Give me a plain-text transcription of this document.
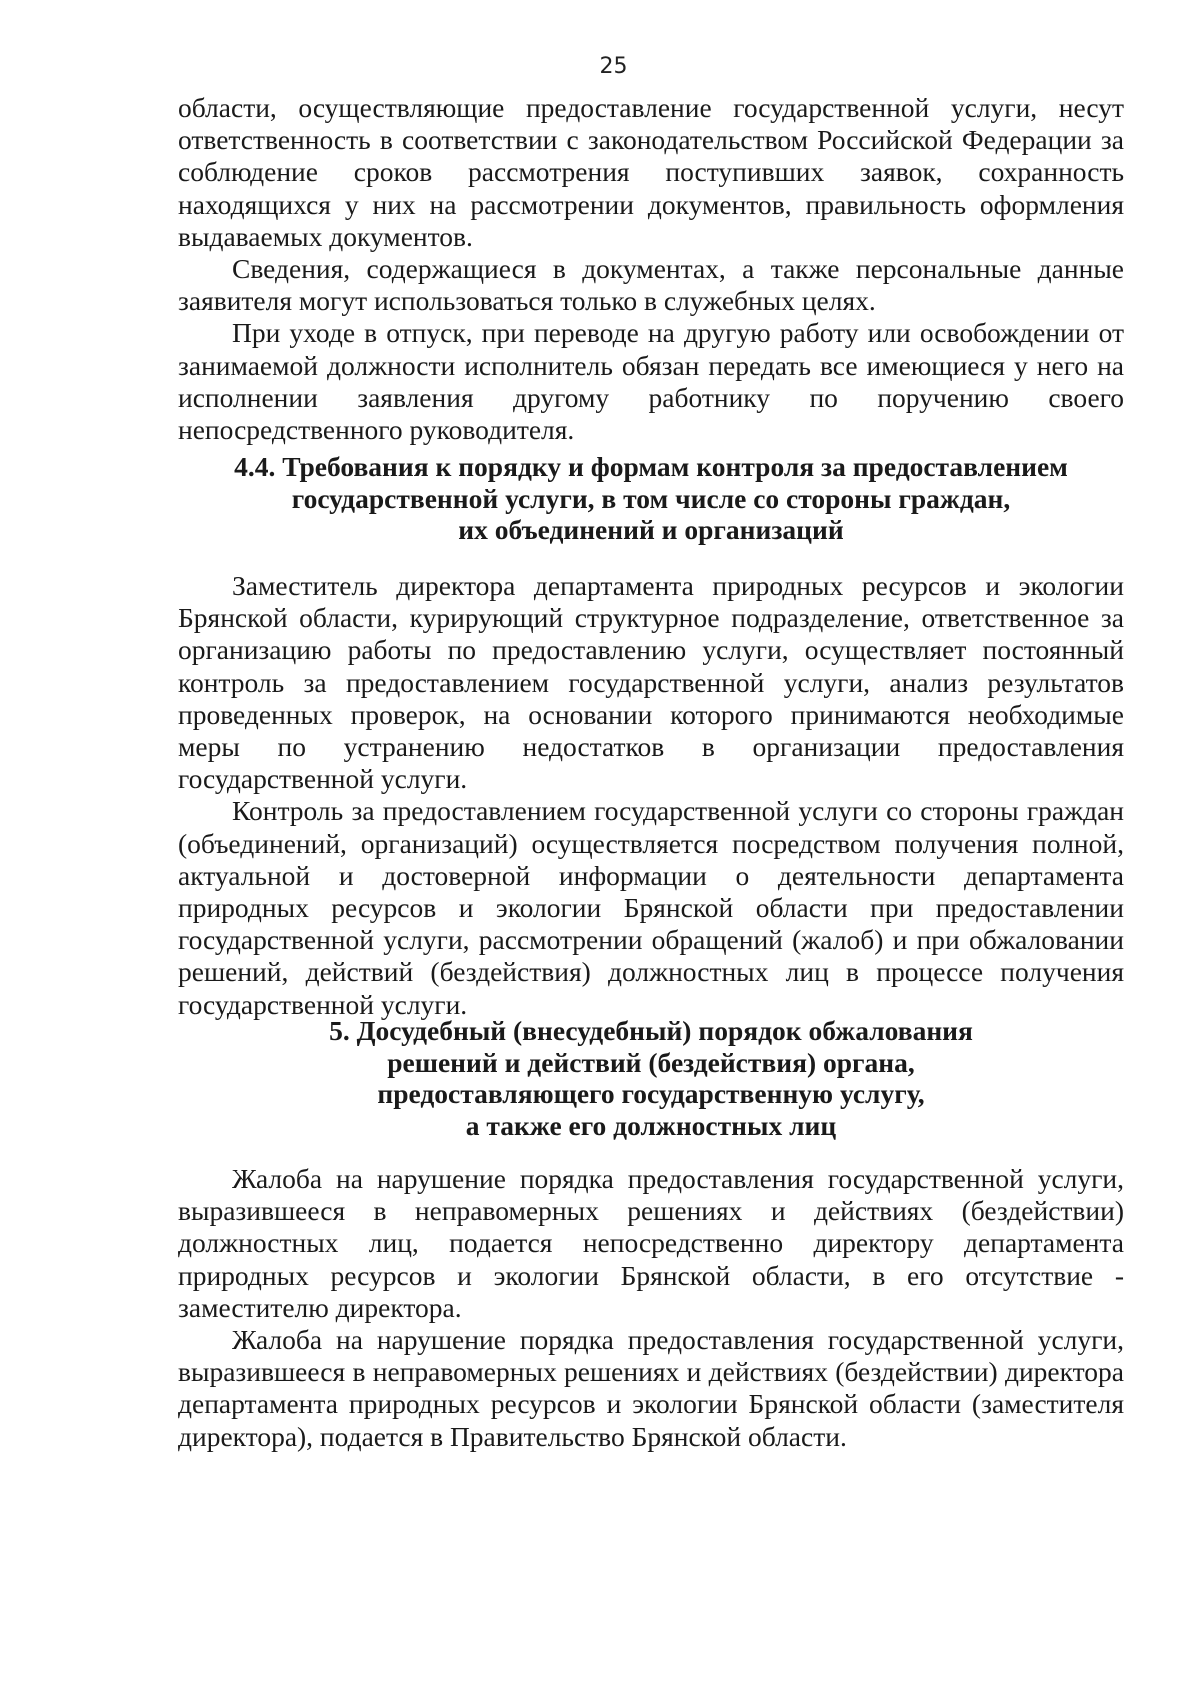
25

области, осуществляющие предоставление государственной услуги, несут ответственность в соответствии с законодательством Российской Федерации за соблюдение сроков рассмотрения поступивших заявок, сохранность находящихся у них на рассмотрении документов, правильность оформления выдаваемых документов.

Сведения, содержащиеся в документах, а также персональные данные заявителя могут использоваться только в служебных целях.

При уходе в отпуск, при переводе на другую работу или освобождении от занимаемой должности исполнитель обязан передать все имеющиеся у него на исполнении заявления другому работнику по поручению своего непосредственного руководителя.

4.4. Требования к порядку и формам контроля за предоставлением
государственной услуги, в том числе со стороны граждан,
их объединений и организаций

Заместитель директора департамента природных ресурсов и экологии Брянской области, курирующий структурное подразделение, ответственное за организацию работы по предоставлению услуги, осуществляет постоянный контроль за предоставлением государственной услуги, анализ результатов проведенных проверок, на основании которого принимаются необходимые меры по устранению недостатков в организации предоставления государственной услуги.

Контроль за предоставлением государственной услуги со стороны граждан (объединений, организаций) осуществляется посредством получения полной, актуальной и достоверной информации о деятельности департамента природных ресурсов и экологии Брянской области при предоставлении государственной услуги, рассмотрении обращений (жалоб) и при обжаловании решений, действий (бездействия) должностных лиц в процессе получения государственной услуги.

5. Досудебный (внесудебный) порядок обжалования
решений и действий (бездействия) органа,
предоставляющего государственную услугу,
а также его должностных лиц

Жалоба на нарушение порядка предоставления государственной услуги, выразившееся в неправомерных решениях и действиях (бездействии) должностных лиц, подается непосредственно директору департамента природных ресурсов и экологии Брянской области, в его отсутствие - заместителю директора.

Жалоба на нарушение порядка предоставления государственной услуги, выразившееся в неправомерных решениях и действиях (бездействии) директора департамента природных ресурсов и экологии Брянской области (заместителя директора), подается в Правительство Брянской области.
